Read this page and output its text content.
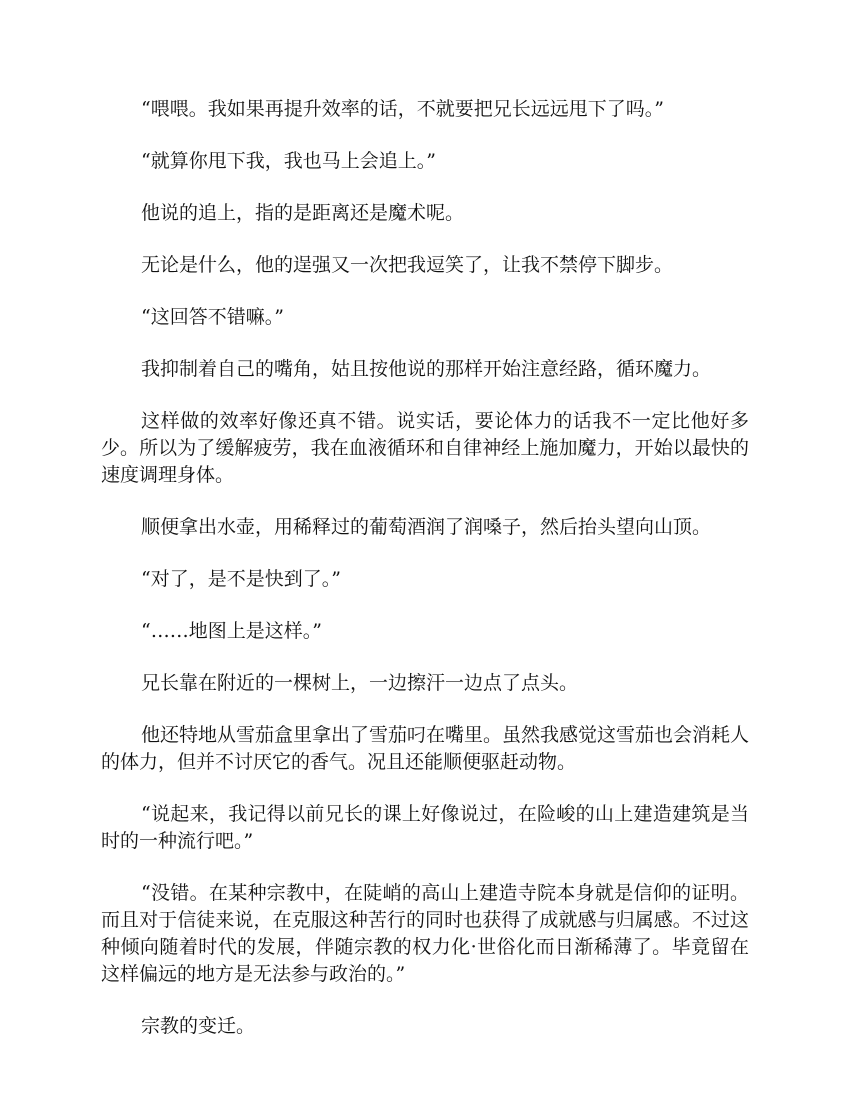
“喂喂。我如果再提升效率的话，不就要把兄长远远甩下了吗。”

“就算你甩下我，我也马上会追上。”

他说的追上，指的是距离还是魔术呢。

无论是什么，他的逞强又一次把我逗笑了，让我不禁停下脚步。

“这回答不错嘛。”

我抑制着自己的嘴角，姑且按他说的那样开始注意经路，循环魔力。

这样做的效率好像还真不错。说实话，要论体力的话我不一定比他好多少。所以为了缓解疲劳，我在血液循环和自律神经上施加魔力，开始以最快的速度调理身体。

顺便拿出水壶，用稀释过的葡萄酒润了润嗓子，然后抬头望向山顶。

“对了，是不是快到了。”

“……地图上是这样。”

兄长靠在附近的一棵树上，一边擦汗一边点了点头。

他还特地从雪茄盒里拿出了雪茄叼在嘴里。虽然我感觉这雪茄也会消耗人的体力，但并不讨厌它的香气。况且还能顺便驱赶动物。

“说起来，我记得以前兄长的课上好像说过，在险峻的山上建造建筑是当时的一种流行吧。”

“没错。在某种宗教中，在陡峭的高山上建造寺院本身就是信仰的证明。而且对于信徒来说，在克服这种苦行的同时也获得了成就感与归属感。不过这种倾向随着时代的发展，伴随宗教的权力化·世俗化而日渐稀薄了。毕竟留在这样偏远的地方是无法参与政治的。”

宗教的变迁。
